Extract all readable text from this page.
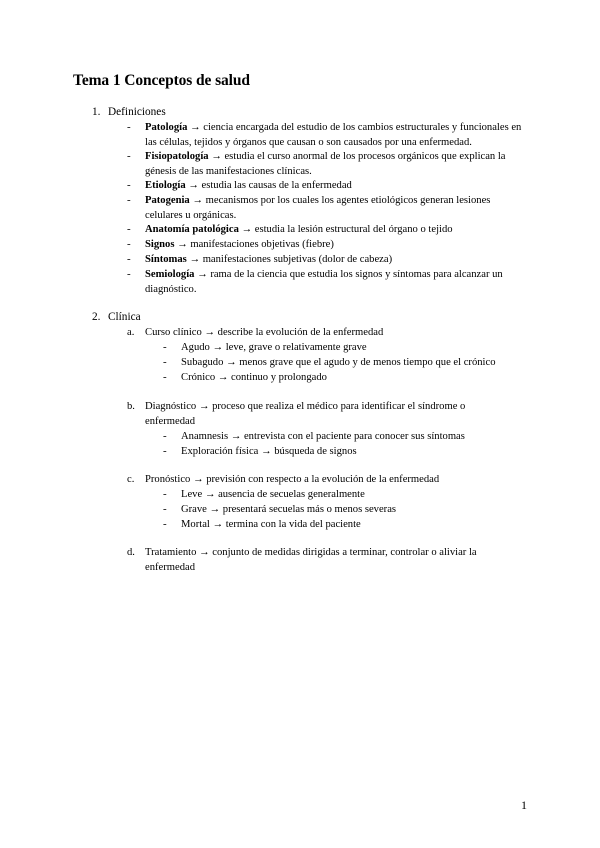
Tema 1 Conceptos de salud
1. Definiciones
- Patología → ciencia encargada del estudio de los cambios estructurales y funcionales en las células, tejidos y órganos que causan o son causados por una enfermedad.
- Fisiopatología → estudia el curso anormal de los procesos orgánicos que explican la génesis de las manifestaciones clínicas.
- Etiología → estudia las causas de la enfermedad
- Patogenia → mecanismos por los cuales los agentes etiológicos generan lesiones celulares u orgánicas.
- Anatomía patológica → estudia la lesión estructural del órgano o tejido
- Signos → manifestaciones objetivas (fiebre)
- Síntomas → manifestaciones subjetivas (dolor de cabeza)
- Semiología → rama de la ciencia que estudia los signos y síntomas para alcanzar un diagnóstico.
2. Clínica
a. Curso clínico → describe la evolución de la enfermedad
- Agudo → leve, grave o relativamente grave
- Subagudo → menos grave que el agudo y de menos tiempo que el crónico
- Crónico → continuo y prolongado
b. Diagnóstico → proceso que realiza el médico para identificar el síndrome o enfermedad
- Anamnesis → entrevista con el paciente para conocer sus síntomas
- Exploración física → búsqueda de signos
c. Pronóstico → previsión con respecto a la evolución de la enfermedad
- Leve → ausencia de secuelas generalmente
- Grave → presentará secuelas más o menos severas
- Mortal → termina con la vida del paciente
d. Tratamiento → conjunto de medidas dirigidas a terminar, controlar o aliviar la enfermedad
1
